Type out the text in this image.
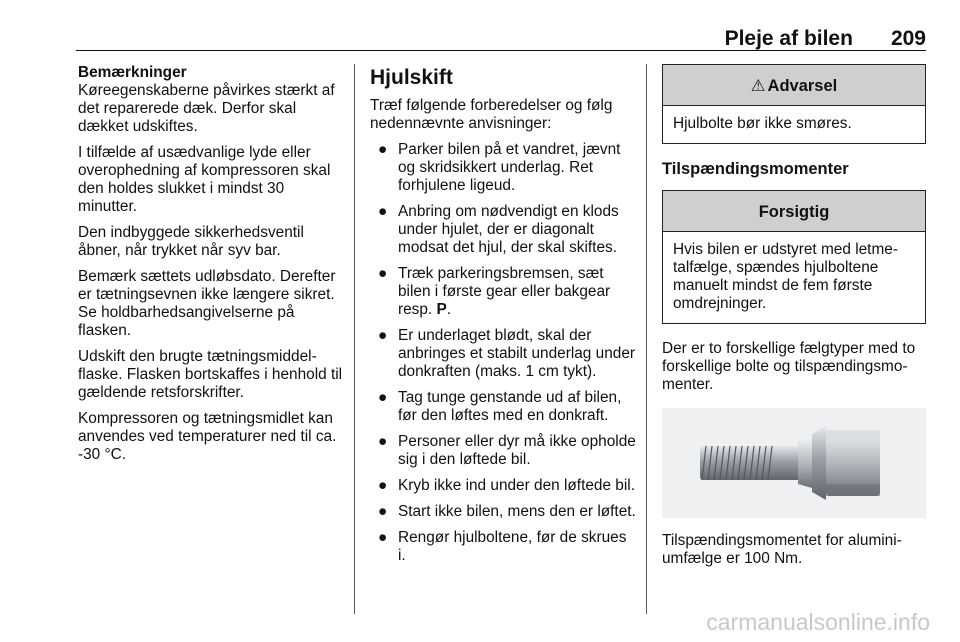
Pleje af bilen 209
Bemærkninger

Køreegenskaberne påvirkes stærkt af det reparerede dæk. Derfor skal dækket udskiftes.

I tilfælde af usædvanlige lyde eller overophedning af kompressoren skal den holdes slukket i mindst 30 minutter.

Den indbyggede sikkerhedsventil åbner, når trykket når syv bar.

Bemærk sættets udløbsdato. Derefter er tætningsevnen ikke længere sikret. Se holdbarhedsangivelserne på flasken.

Udskift den brugte tætningsmiddelflaske. Flasken bortskaffes i henhold til gældende retsforskrifter.

Kompressoren og tætningsmidlet kan anvendes ved temperaturer ned til ca. -30 °C.

Hjulskift

Træf følgende forberedelser og følg nedennævnte anvisninger:

● Parker bilen på et vandret, jævnt og skridsikkert underlag. Ret forhjulene ligeud.
● Anbring om nødvendigt en klods under hjulet, der er diagonalt modsat det hjul, der skal skiftes.
● Træk parkeringsbremsen, sæt bilen i første gear eller bakgear resp. P.
● Er underlaget blødt, skal der anbringes et stabilt underlag under donkraften (maks. 1 cm tykt).
● Tag tunge genstande ud af bilen, før den løftes med en donkraft.
● Personer eller dyr må ikke opholde sig i den løftede bil.
● Kryb ikke ind under den løftede bil.
● Start ikke bilen, mens den er løftet.
● Rengør hjulboltene, før de skrues i.
⚠ Advarsel
Hjulbolte bør ikke smøres.
Tilspændingsmomenter
Forsigtig
Hvis bilen er udstyret med letmetalfælge, spændes hjulboltene manuelt mindst de fem første omdrejninger.

Der er to forskellige fælgtyper med to forskellige bolte og tilspændingsmomenter.

Tilspændingsmomentet for aluminiumfælge er 100 Nm.

carmanualsonline.info
